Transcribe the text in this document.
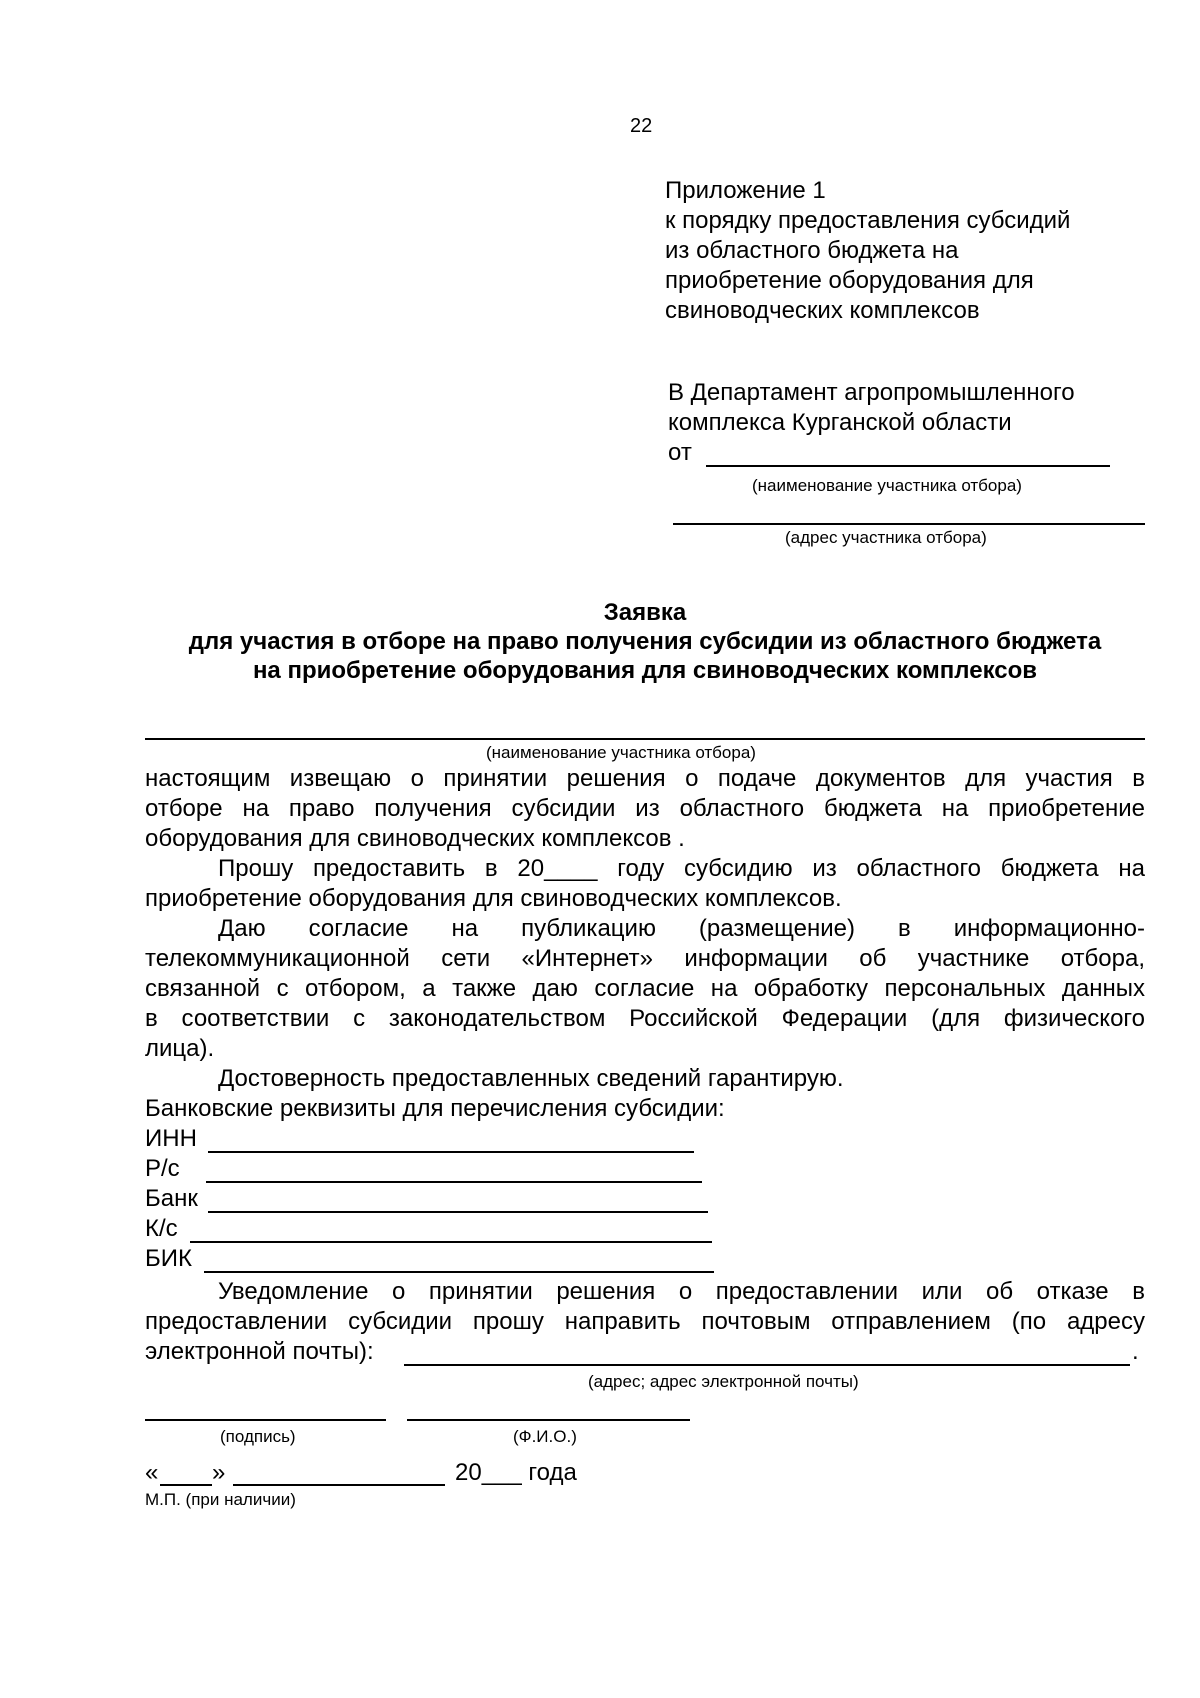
22
Приложение 1
к порядку предоставления субсидий
из областного бюджета на
приобретение оборудования для
свиноводческих комплексов
В Департамент агропромышленного
комплекса Курганской области
от
(наименование участника отбора)
(адрес участника отбора)
Заявка
для участия в отборе на право получения субсидии из областного бюджета
на приобретение оборудования для свиноводческих комплексов
(наименование участника отбора)
настоящим извещаю о принятии решения о подаче документов для участия в
отборе на право получения субсидии из областного бюджета на приобретение
оборудования для свиноводческих комплексов .
Прошу предоставить в 20____ году субсидию из областного бюджета на
приобретение оборудования для свиноводческих комплексов.
Даю согласие на публикацию (размещение) в информационно-
телекоммуникационной сети «Интернет» информации об участнике отбора,
связанной с отбором, а также даю согласие на обработку персональных данных
в соответствии с законодательством Российской Федерации (для физического
лица).
Достоверность предоставленных сведений гарантирую.
Банковские реквизиты для перечисления субсидии:
ИНН
Р/с
Банк
К/с
БИК
Уведомление о принятии решения о предоставлении или об отказе в
предоставлении субсидии прошу направить почтовым отправлением (по адресу
электронной почты):	.
(адрес; адрес электронной почты)
(подпись)	(Ф.И.О.)
« »	20___ года
М.П. (при наличии)
